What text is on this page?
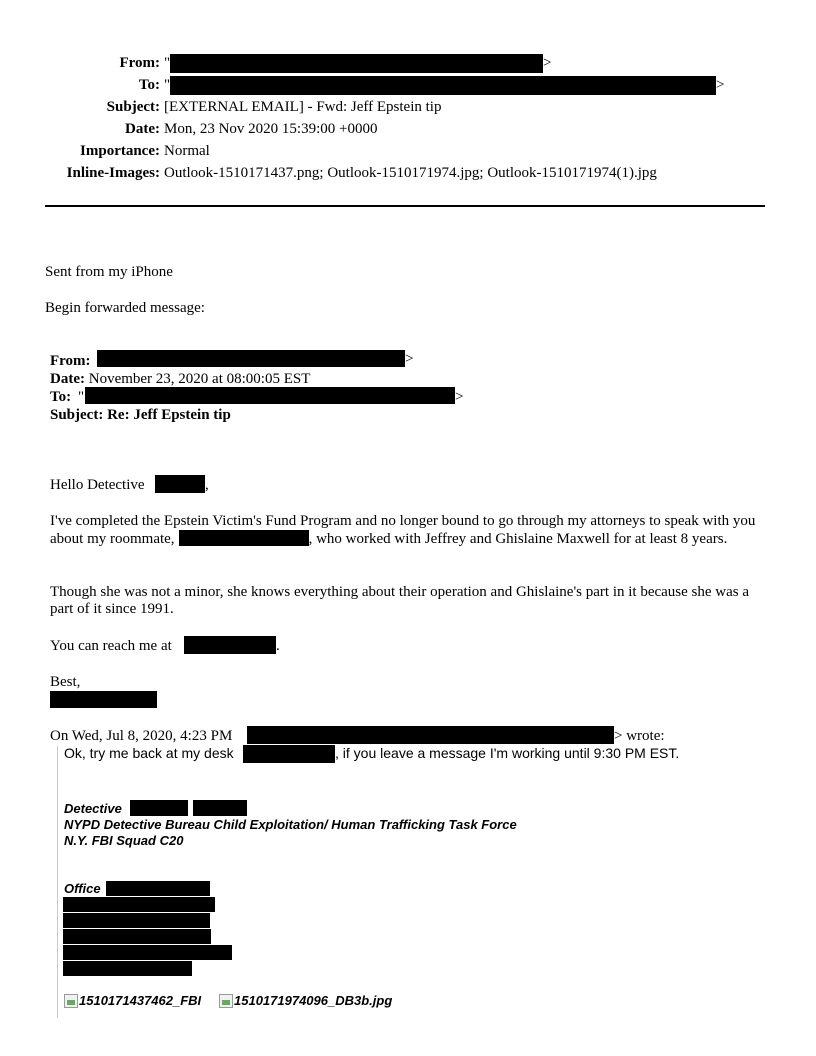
From: "	>
To: "	>
Subject: [EXTERNAL EMAIL] - Fwd: Jeff Epstein tip
Date: Mon, 23 Nov 2020 15:39:00 +0000
Importance: Normal
Inline-Images: Outlook-1510171437.png; Outlook-1510171974.jpg; Outlook-1510171974(1).jpg
Sent from my iPhone
Begin forwarded message:
From:	>
Date: November 23, 2020 at 08:00:05 EST
To: "	>
Subject: Re: Jeff Epstein tip
Hello Detective	,
I've completed the Epstein Victim's Fund Program and no longer bound to go through my attorneys to speak with you about my roommate,	, who worked with Jeffrey and Ghislaine Maxwell for at least 8 years.
Though she was not a minor, she knows everything about their operation and Ghislaine's part in it because she was a part of it since 1991.
You can reach me at	.
Best,
On Wed, Jul 8, 2020, 4:23 PM	> wrote:
Ok, try me back at my desk	, if you leave a message I'm working until 9:30 PM EST.
Detective
NYPD Detective Bureau Child Exploitation/ Human Trafficking Task Force
N.Y. FBI Squad C20
Office
1510171437462_FBI	1510171974096_DB3b.jpg
